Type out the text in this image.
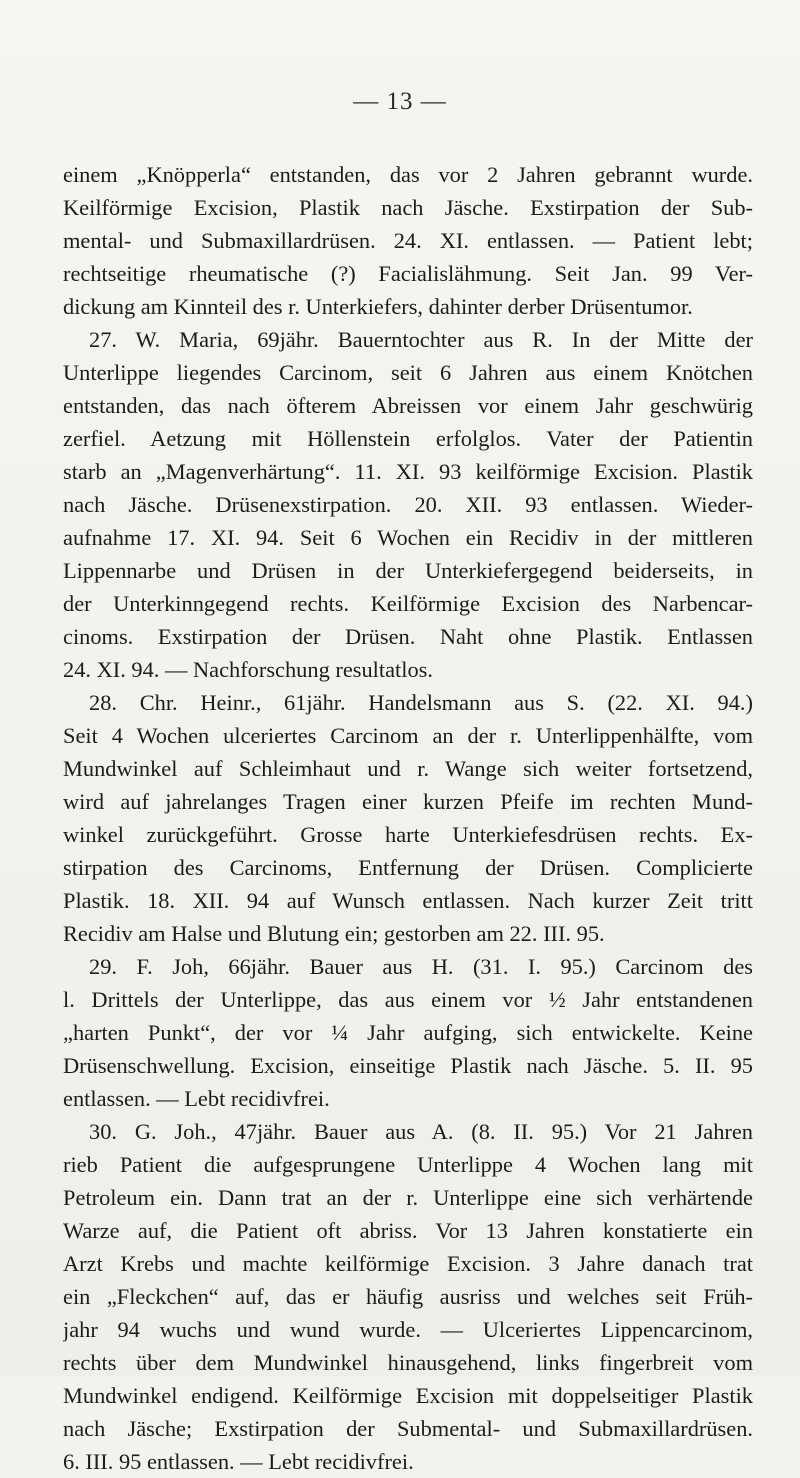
— 13 —
einem „Knöpperla“ entstanden, das vor 2 Jahren gebrannt wurde.
Keilförmige Excision, Plastik nach Jäsche. Exstirpation der Sub-
mental- und Submaxillardrüsen. 24. XI. entlassen. — Patient lebt;
rechtseitige rheumatische (?) Facialislähmung. Seit Jan. 99 Ver-
dickung am Kinnteil des r. Unterkiefers, dahinter derber Drüsentumor.
27. W. Maria, 69jähr. Bauerntochter aus R. In der Mitte der
Unterlippe liegendes Carcinom, seit 6 Jahren aus einem Knötchen
entstanden, das nach öfterem Abreissen vor einem Jahr geschwürig
zerfiel. Aetzung mit Höllenstein erfolglos. Vater der Patientin
starb an „Magenverhärtung“. 11. XI. 93 keilförmige Excision. Plastik
nach Jäsche. Drüsenexstirpation. 20. XII. 93 entlassen. Wieder-
aufnahme 17. XI. 94. Seit 6 Wochen ein Recidiv in der mittleren
Lippennarbe und Drüsen in der Unterkiefergegend beiderseits, in
der Unterkinngegend rechts. Keilförmige Excision des Narbencar-
cinoms. Exstirpation der Drüsen. Naht ohne Plastik. Entlassen
24. XI. 94. — Nachforschung resultatlos.
28. Chr. Heinr., 61jähr. Handelsmann aus S. (22. XI. 94.)
Seit 4 Wochen ulceriertes Carcinom an der r. Unterlippenhälfte, vom
Mundwinkel auf Schleimhaut und r. Wange sich weiter fortsetzend,
wird auf jahrelanges Tragen einer kurzen Pfeife im rechten Mund-
winkel zurückgeführt. Grosse harte Unterkiefesdrüsen rechts. Ex-
stirpation des Carcinoms, Entfernung der Drüsen. Complicierte
Plastik. 18. XII. 94 auf Wunsch entlassen. Nach kurzer Zeit tritt
Recidiv am Halse und Blutung ein; gestorben am 22. III. 95.
29. F. Joh, 66jähr. Bauer aus H. (31. I. 95.) Carcinom des
l. Drittels der Unterlippe, das aus einem vor ½ Jahr entstandenen
„harten Punkt“, der vor ¼ Jahr aufging, sich entwickelte. Keine
Drüsenschwellung. Excision, einseitige Plastik nach Jäsche. 5. II. 95
entlassen. — Lebt recidivfrei.
30. G. Joh., 47jähr. Bauer aus A. (8. II. 95.) Vor 21 Jahren
rieb Patient die aufgesprungene Unterlippe 4 Wochen lang mit
Petroleum ein. Dann trat an der r. Unterlippe eine sich verhärtende
Warze auf, die Patient oft abriss. Vor 13 Jahren konstatierte ein
Arzt Krebs und machte keilförmige Excision. 3 Jahre danach trat
ein „Fleckchen“ auf, das er häufig ausriss und welches seit Früh-
jahr 94 wuchs und wund wurde. — Ulceriertes Lippencarcinom,
rechts über dem Mundwinkel hinausgehend, links fingerbreit vom
Mundwinkel endigend. Keilförmige Excision mit doppelseitiger Plastik
nach Jäsche; Exstirpation der Submental- und Submaxillardrüsen.
6. III. 95 entlassen. — Lebt recidivfrei.
